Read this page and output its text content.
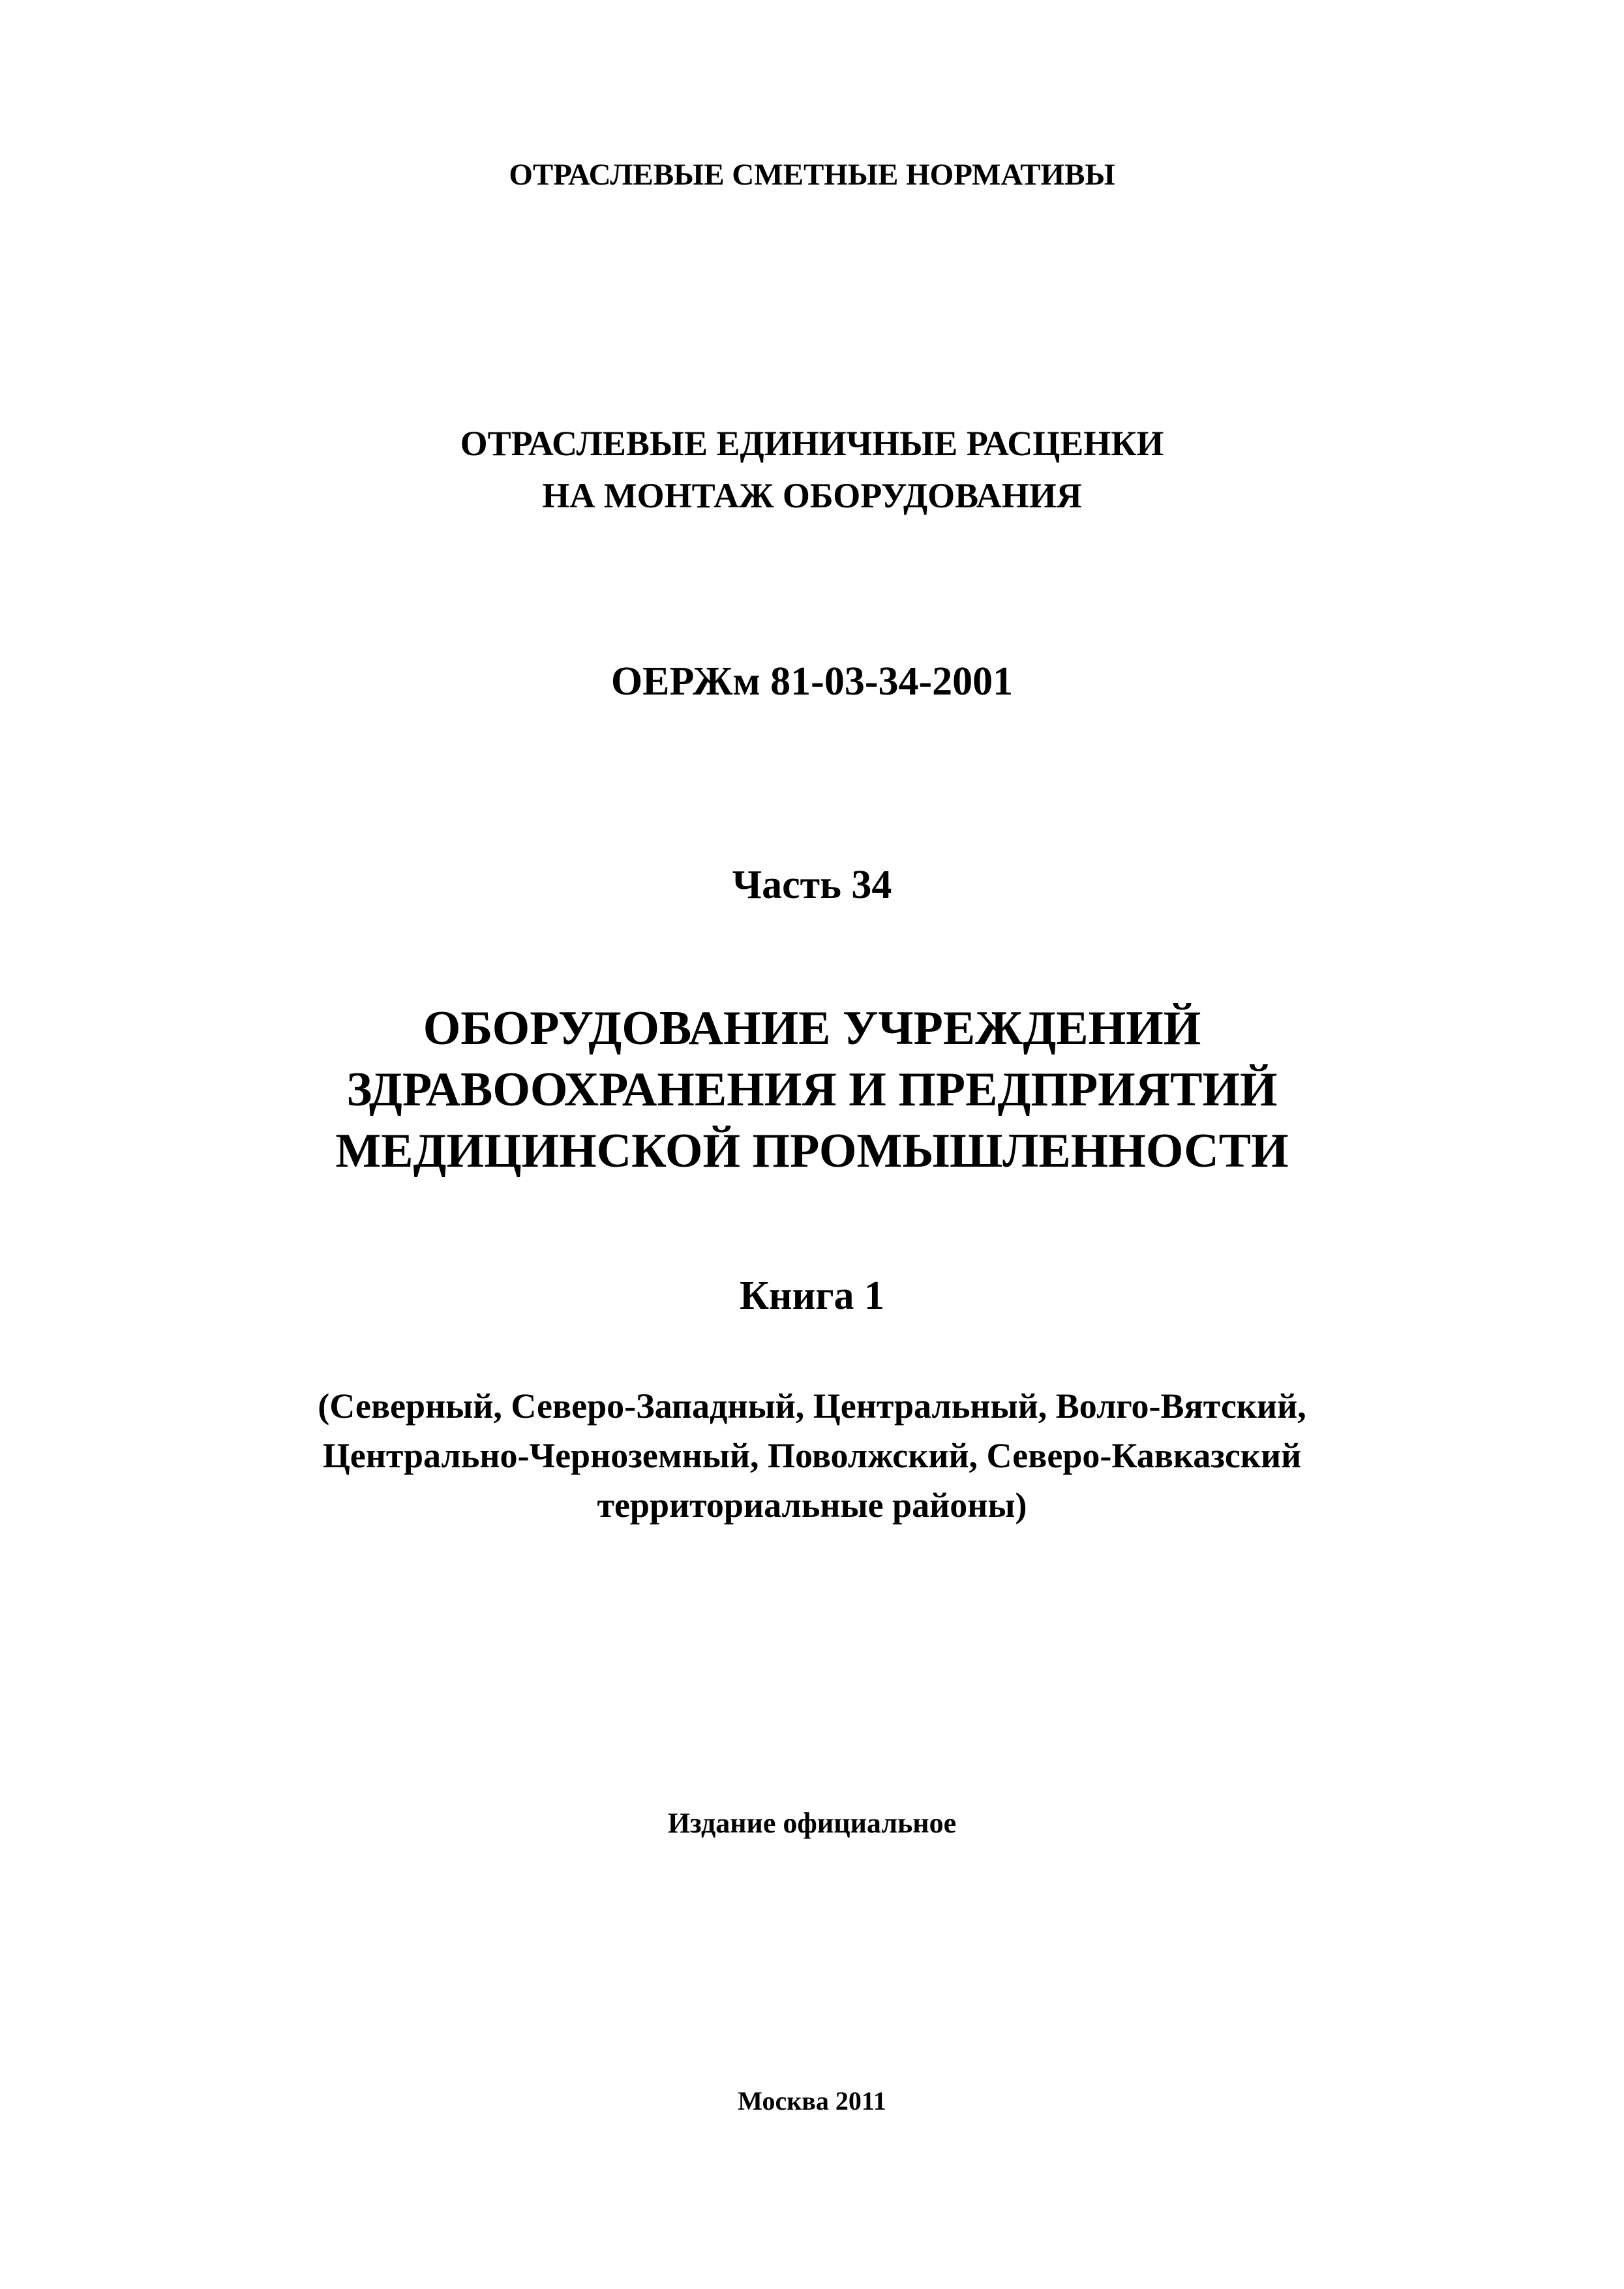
ОТРАСЛЕВЫЕ СМЕТНЫЕ НОРМАТИВЫ
ОТРАСЛЕВЫЕ ЕДИНИЧНЫЕ РАСЦЕНКИ
НА МОНТАЖ ОБОРУДОВАНИЯ
ОЕРЖм 81-03-34-2001
Часть 34
ОБОРУДОВАНИЕ УЧРЕЖДЕНИЙ
ЗДРАВООХРАНЕНИЯ И ПРЕДПРИЯТИЙ
МЕДИЦИНСКОЙ ПРОМЫШЛЕННОСТИ
Книга 1
(Северный, Северо-Западный, Центральный, Волго-Вятский,
Центрально-Черноземный, Поволжский, Северо-Кавказский
территориальные районы)
Издание официальное
Москва 2011
